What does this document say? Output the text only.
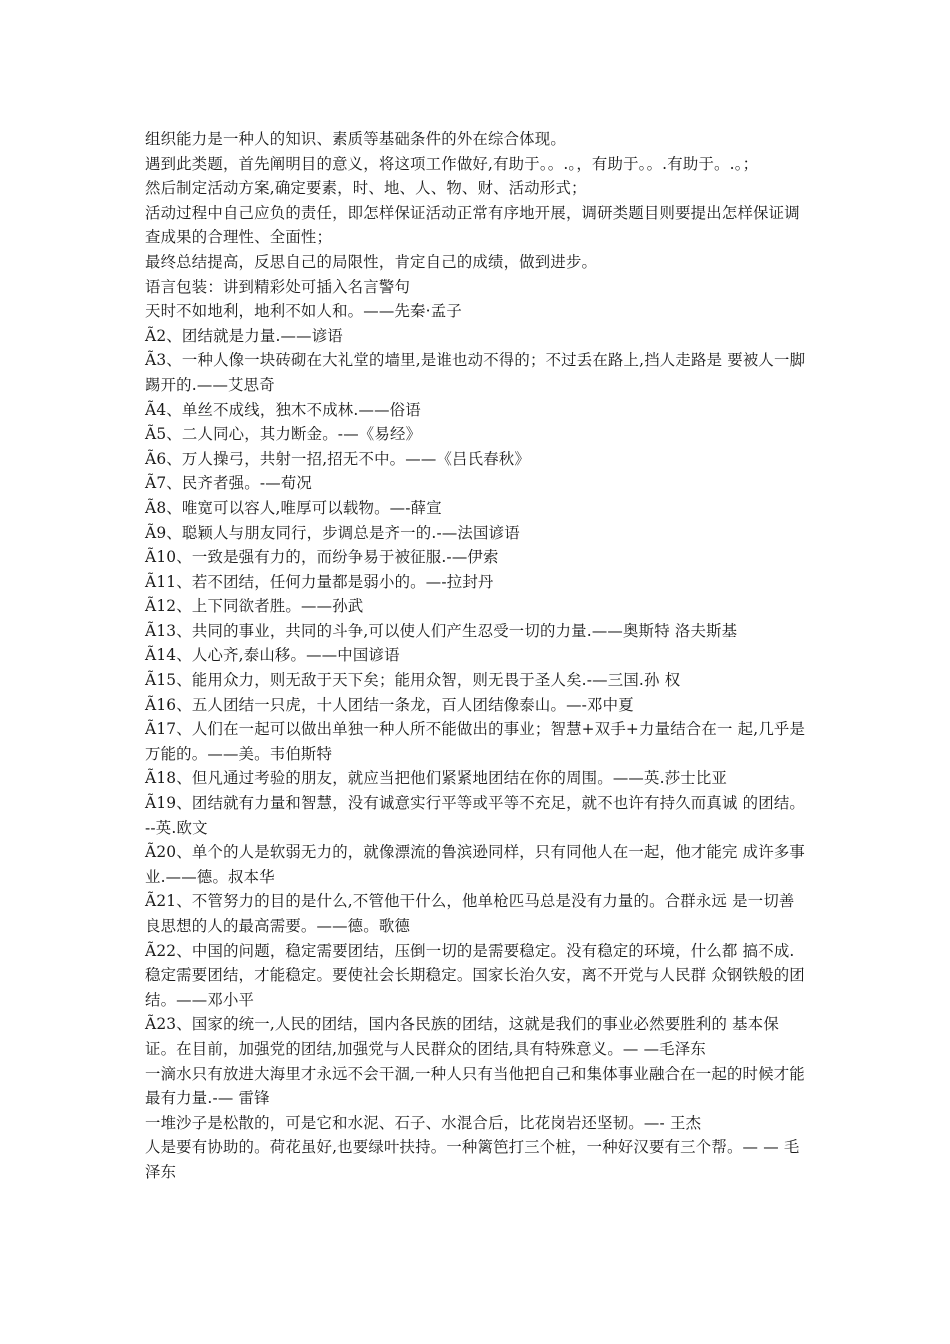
组织能力是一种人的知识、素质等基础条件的外在综合体现。

遇到此类题，首先阐明目的意义，将这项工作做好,有助于。。.。，有助于。。.有助于。.。；

然后制定活动方案,确定要素，时、地、人、物、财、活动形式；

活动过程中自己应负的责任，即怎样保证活动正常有序地开展，调研类题目则要提出怎样保证调查成果的合理性、全面性；

最终总结提高，反思自己的局限性，肯定自己的成绩，做到进步。

语言包装：讲到精彩处可插入名言警句

天时不如地利，地利不如人和。——先秦·孟子

Ã2、团结就是力量.——谚语

Ã3、一种人像一块砖砌在大礼堂的墙里,是谁也动不得的；不过丢在路上,挡人走路是 要被人一脚踢开的.——艾思奇

Ã4、单丝不成线，独木不成林.——俗语

Ã5、二人同心，其力断金。-—《易经》

Ã6、万人操弓，共射一招,招无不中。——《吕氏春秋》

Ã7、民齐者强。-—荀况

Ã8、唯宽可以容人,唯厚可以载物。—-薛宣

Ã9、聪颖人与朋友同行，步调总是齐一的.-—法国谚语

Ã10、一致是强有力的，而纷争易于被征服.-—伊索

Ã11、若不团结，任何力量都是弱小的。—-拉封丹

Ã12、上下同欲者胜。——孙武

Ã13、共同的事业，共同的斗争,可以使人们产生忍受一切的力量.——奥斯特 洛夫斯基

Ã14、人心齐,泰山移。——中国谚语

Ã15、能用众力，则无敌于天下矣；能用众智，则无畏于圣人矣.-—三国.孙 权

Ã16、五人团结一只虎，十人团结一条龙，百人团结像泰山。—-邓中夏

Ã17、人们在一起可以做出单独一种人所不能做出的事业；智慧+双手+力量结合在一 起,几乎是万能的。——美。韦伯斯特

Ã18、但凡通过考验的朋友，就应当把他们紧紧地团结在你的周围。——英.莎士比亚

Ã19、团结就有力量和智慧，没有诚意实行平等或平等不充足，就不也许有持久而真诚 的团结。--英.欧文

Ã20、单个的人是软弱无力的，就像漂流的鲁滨逊同样，只有同他人在一起，他才能完 成许多事业.——德。叔本华

Ã21、不管努力的目的是什么,不管他干什么，他单枪匹马总是没有力量的。合群永远 是一切善良思想的人的最高需要。——德。歌德

Ã22、中国的问题，稳定需要团结，压倒一切的是需要稳定。没有稳定的环境，什么都 搞不成.稳定需要团结，才能稳定。要使社会长期稳定。国家长治久安，离不开党与人民群 众钢铁般的团结。——邓小平

Ã23、国家的统一,人民的团结，国内各民族的团结，这就是我们的事业必然要胜利的 基本保证。在目前，加强党的团结,加强党与人民群众的团结,具有特殊意义。— —毛泽东

一滴水只有放进大海里才永远不会干涸,一种人只有当他把自己和集体事业融合在一起的时候才能最有力量.-— 雷锋

一堆沙子是松散的，可是它和水泥、石子、水混合后，比花岗岩还坚韧。—- 王杰

人是要有协助的。荷花虽好,也要绿叶扶持。一种篱笆打三个桩，一种好汉要有三个帮。— — 毛泽东
